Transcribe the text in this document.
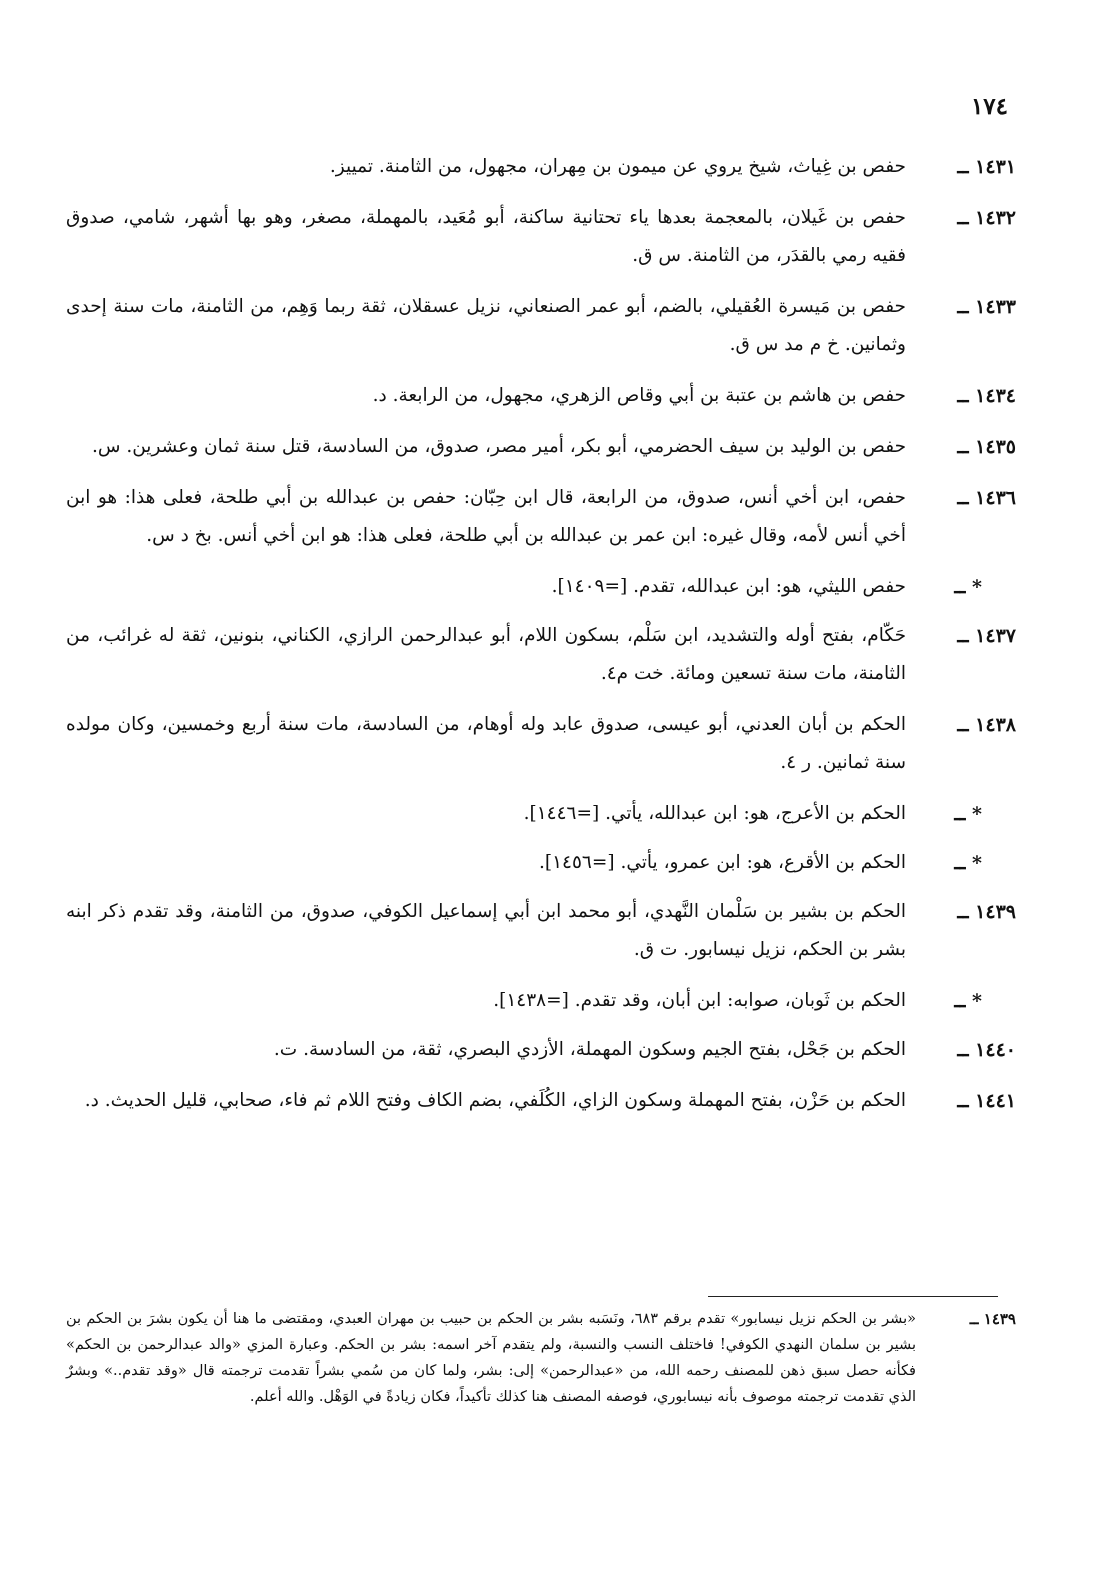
١٧٤
١٤٣١ ــ
حفص بن غِياث، شيخ يروي عن ميمون بن مِهران، مجهول، من الثامنة. تمييز.
١٤٣٢ ــ
حفص بن غَيلان، بالمعجمة بعدها ياء تحتانية ساكنة، أبو مُعَيد، بالمهملة، مصغر، وهو بها أشهر، شامي، صدوق فقيه رمي بالقدَر، من الثامنة. س ق.
١٤٣٣ ــ
حفص بن مَيسرة العُقيلي، بالضم، أبو عمر الصنعاني، نزيل عسقلان، ثقة ربما وَهِم، من الثامنة، مات سنة إحدى وثمانين. خ م مد س ق.
١٤٣٤ ــ
حفص بن هاشم بن عتبة بن أبي وقاص الزهري، مجهول، من الرابعة. د.
١٤٣٥ ــ
حفص بن الوليد بن سيف الحضرمي، أبو بكر، أمير مصر، صدوق، من السادسة، قتل سنة ثمان وعشرين. س.
١٤٣٦ ــ
حفص، ابن أخي أنس، صدوق، من الرابعة، قال ابن حِبّان: حفص بن عبدالله بن أبي طلحة، فعلى هذا: هو ابن أخي أنس لأمه، وقال غيره: ابن عمر بن عبدالله بن أبي طلحة، فعلى هذا: هو ابن أخي أنس. بخ د س.
* ــ
حفص الليثي، هو: ابن عبدالله، تقدم. [=١٤٠٩].
١٤٣٧ ــ
حَكّام، بفتح أوله والتشديد، ابن سَلْم، بسكون اللام، أبو عبدالرحمن الرازي، الكناني، بنونين، ثقة له غرائب، من الثامنة، مات سنة تسعين ومائة. خت م٤.
١٤٣٨ ــ
الحكم بن أبان العدني، أبو عيسى، صدوق عابد وله أوهام، من السادسة، مات سنة أربع وخمسين، وكان مولده سنة ثمانين. ر ٤.
* ــ
الحكم بن الأعرج، هو: ابن عبدالله، يأتي. [=١٤٤٦].
* ــ
الحكم بن الأقرع، هو: ابن عمرو، يأتي. [=١٤٥٦].
١٤٣٩ ــ
الحكم بن بشير بن سَلْمان النَّهدي، أبو محمد ابن أبي إسماعيل الكوفي، صدوق، من الثامنة، وقد تقدم ذكر ابنه بشر بن الحكم، نزيل نيسابور. ت ق.
* ــ
الحكم بن ثَوبان، صوابه: ابن أبان، وقد تقدم. [=١٤٣٨].
١٤٤٠ ــ
الحكم بن جَحْل، بفتح الجيم وسكون المهملة، الأزدي البصري، ثقة، من السادسة. ت.
١٤٤١ ــ
الحكم بن حَزْن، بفتح المهملة وسكون الزاي، الكُلَفي، بضم الكاف وفتح اللام ثم فاء، صحابي، قليل الحديث. د.
١٤٣٩ ــ
«بشر بن الحكم نزيل نيسابور» تقدم برقم ٦٨٣، ونَسَبه بشر بن الحكم بن حبيب بن مهران العبدي، ومقتضى ما هنا أن يكون بشرَ بن الحكم بن بشير بن سلمان النهدي الكوفي! فاختلف النسب والنسبة، ولم يتقدم آخر اسمه: بشر بن الحكم. وعبارة المزي «والد عبدالرحمن بن الحكم» فكأنه حصل سبق ذهن للمصنف رحمه الله، من «عبدالرحمن» إلى: بشر، ولما كان من سُمي بشراً تقدمت ترجمته قال «وقد تقدم..» وبشرٌ الذي تقدمت ترجمته موصوف بأنه نيسابوري، فوصفه المصنف هنا كذلك تأكيداً، فكان زيادةً في الوَهْل. والله أعلم.
